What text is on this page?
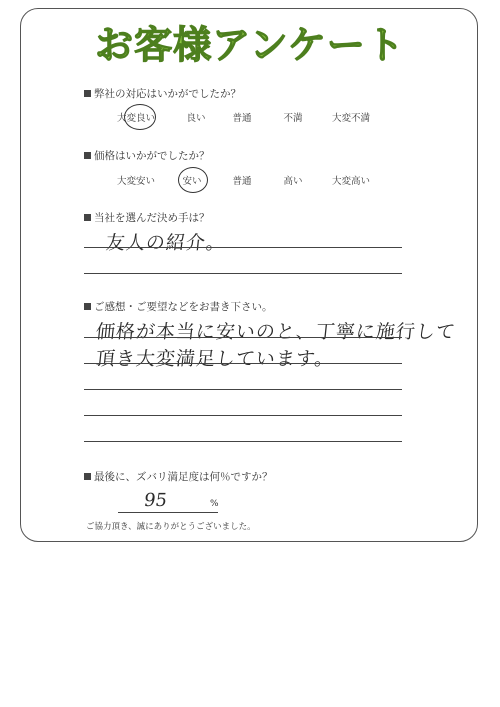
お客様アンケート
弊社の対応はいかがでしたか？
大変良い	良い	普通	不満	大変不満
価格はいかがでしたか？
大変安い	安い	普通	高い	大変高い
当社を選んだ決め手は？
友人の紹介。
ご感想・ご要望などをお書き下さい。
価格が本当に安いのと、丁寧に施行して
頂き大変満足しています。
最後に、ズバリ満足度は何％ですか？
95	%
ご協力頂き、誠にありがとうございました。
